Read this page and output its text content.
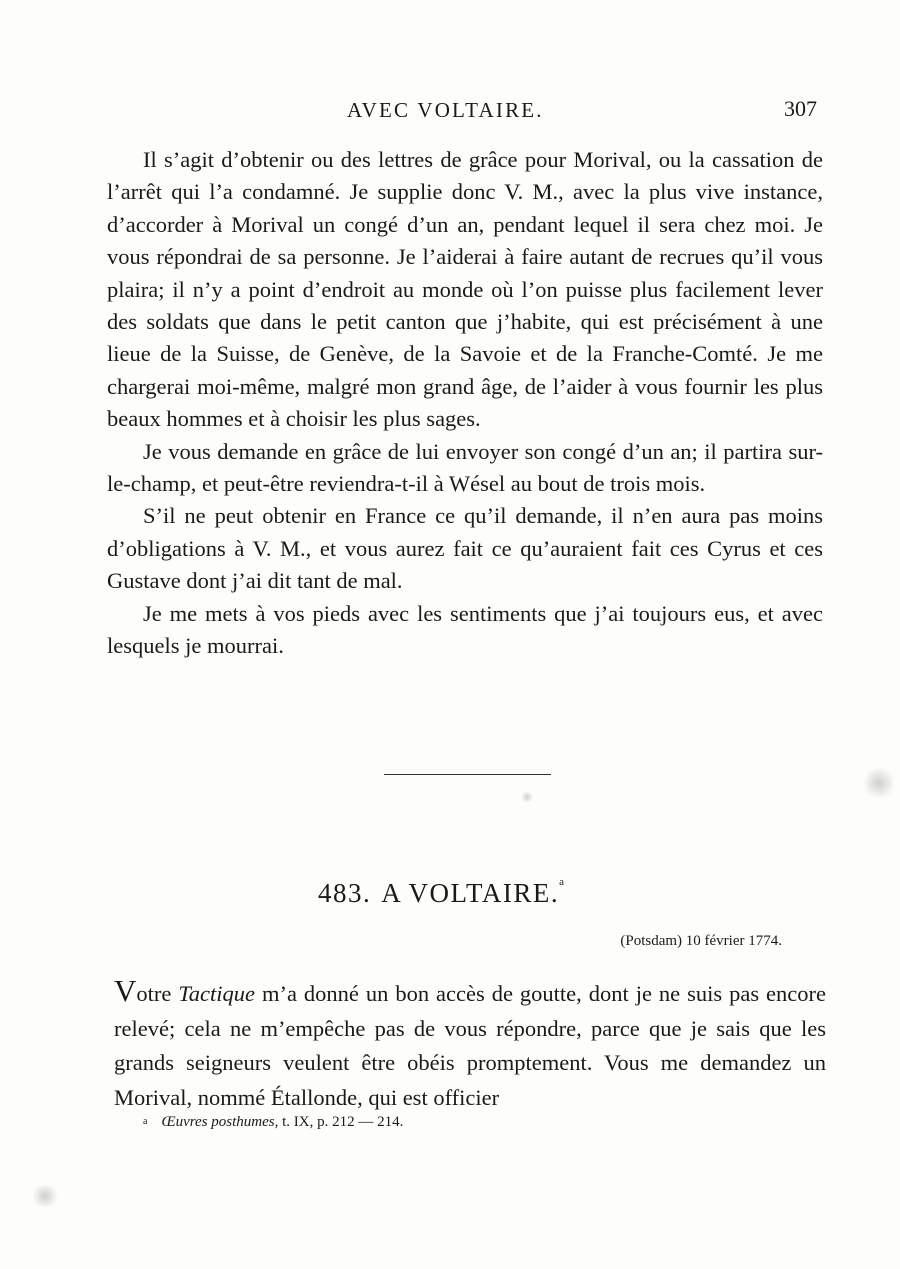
AVEC VOLTAIRE.	307

Il s’agit d’obtenir ou des lettres de grâce pour Morival, ou la cassation de l’arrêt qui l’a condamné. Je supplie donc V. M., avec la plus vive instance, d’accorder à Morival un congé d’un an, pendant lequel il sera chez moi. Je vous répondrai de sa personne. Je l’aiderai à faire autant de recrues qu’il vous plaira; il n’y a point d’endroit au monde où l’on puisse plus facilement lever des soldats que dans le petit canton que j’habite, qui est précisément à une lieue de la Suisse, de Genève, de la Savoie et de la Franche-Comté. Je me chargerai moi-même, malgré mon grand âge, de l’aider à vous fournir les plus beaux hommes et à choisir les plus sages.

Je vous demande en grâce de lui envoyer son congé d’un an; il partira sur-le-champ, et peut-être reviendra-t-il à Wésel au bout de trois mois.

S’il ne peut obtenir en France ce qu’il demande, il n’en aura pas moins d’obligations à V. M., et vous aurez fait ce qu’auraient fait ces Cyrus et ces Gustave dont j’ai dit tant de mal.

Je me mets à vos pieds avec les sentiments que j’ai toujours eus, et avec lesquels je mourrai.

483. A VOLTAIRE.$^a$
(Potsdam) 10 février 1774.

Votre Tactique m’a donné un bon accès de goutte, dont je ne suis pas encore relevé; cela ne m’empêche pas de vous répondre, parce que je sais que les grands seigneurs veulent être obéis promptement. Vous me demandez un Morival, nommé Étallonde, qui est officier

a Œuvres posthumes, t. IX, p. 212 — 214.
